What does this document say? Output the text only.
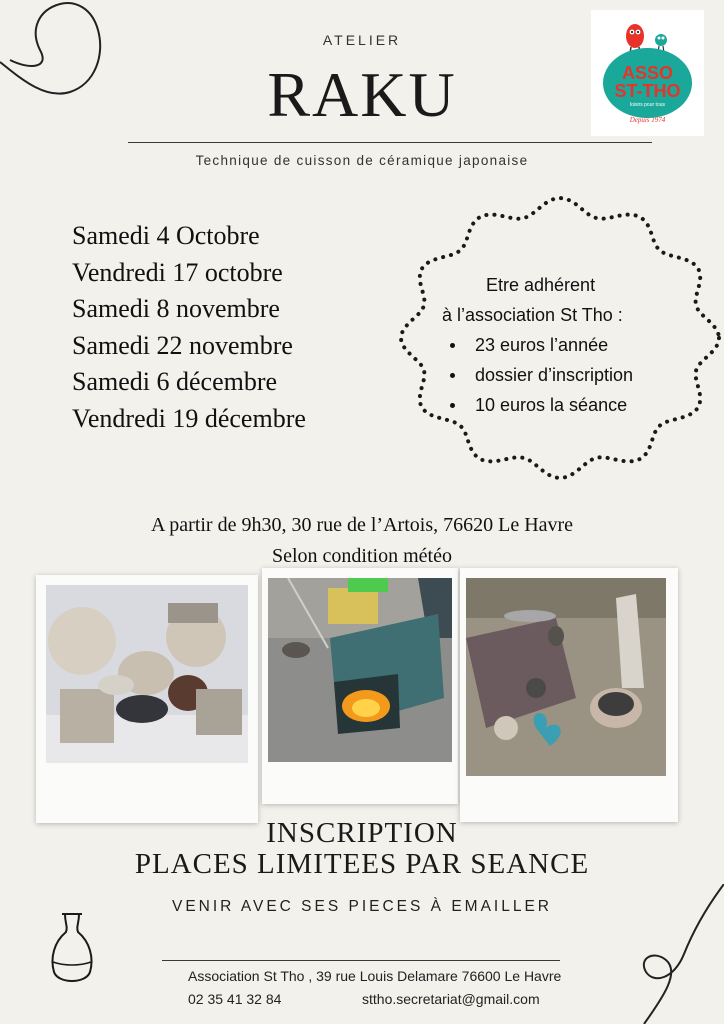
ATELIER
RAKU
Technique de cuisson de céramique japonaise
ASSO
ST-THO
loisirs pour tous
Depuis 1974
Samedi 4 Octobre
Vendredi 17 octobre
Samedi 8 novembre
Samedi 22 novembre
Samedi 6 décembre
Vendredi 19 décembre
Etre adhérent
à l’association St Tho :
23 euros l’année
dossier d’inscription
10 euros la séance
A partir de 9h30, 30 rue de l’Artois, 76620 Le Havre
Selon condition météo
INSCRIPTION
PLACES LIMITEES PAR SEANCE
VENIR AVEC SES PIECES À EMAILLER
Association St Tho , 39 rue Louis Delamare 76600 Le Havre
02 35 41 32 84	sttho.secretariat@gmail.com
